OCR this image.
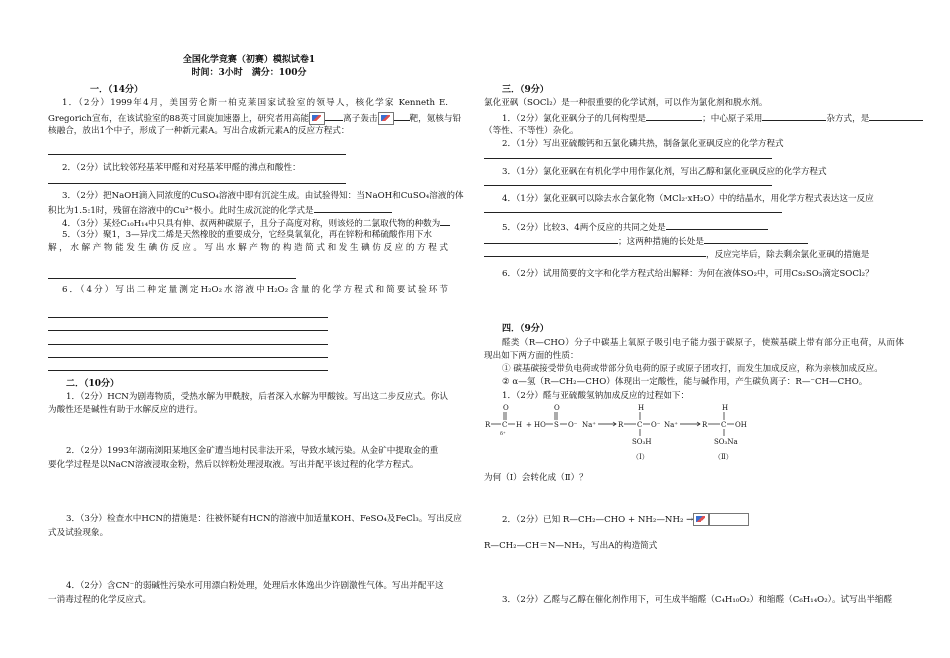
全国化学竞赛（初赛）模拟试卷1
时间：3小时　满分：100分
一．（14分）
1．（2分）1999年4月，美国劳仑斯一柏克莱国家试验室的领导人，核化学家 Kenneth E.
Gregorich宣布，在该试验室的88英寸回旋加速器上，研究者用高能	离子轰击	靶，氪核与铅
核融合，放出1个中子，形成了一种新元素A。写出合成新元素A的反应方程式：
2．（2分）试比较邻羟基苯甲醛和对羟基苯甲醛的沸点和酸性：
3．（2分）把NaOH滴入同浓度的CuSO₄溶液中即有沉淀生成。由试验得知：当NaOH和CuSO₄溶液的体
积比为1.5:1时，残留在溶液中的Cu²⁺极小。此时生成沉淀的化学式是
4．（3分）某烃C₁₀H₁₄中只具有伸、叔两种碳原子，且分子高度对称，则该烃的二氯取代物的种数为
5．（3分）聚1，3—异戊二烯是天然橡胶的重要成分，它经臭氧氧化，再在锌粉和稀硫酸作用下水
解，水解产物能发生碘仿反应。写出水解产物的构造简式和发生碘仿反应的方程式
6．（4分）写出二种定量测定H₂O₂水溶液中H₂O₂含量的化学方程式和简要试验环节
二．（10分）
1．（2分）HCN为剧毒物质，受热水解为甲酰胺，后者深入水解为甲酸铵。写出这二步反应式。你认
为酸性还是碱性有助于水解反应的进行。
2．（2分）1993年湖南浏阳某地区金矿遭当地村民非法开采，导致水域污染。从金矿中提取金的重
要化学过程是以NaCN溶液浸取金粉，然后以锌粉处理浸取液。写出并配平该过程的化学方程式。
3．（3分）检查水中HCN的措施是：往被怀疑有HCN的溶液中加适量KOH、FeSO₄及FeCl₃。写出反应
式及试验现象。
4．（2分）含CN⁻的弱碱性污染水可用漂白粉处理，处理后水体逸出少许剧激性气体。写出并配平这
一消毒过程的化学反应式。
三．（9分）
氯化亚砜（SOCl₂）是一种很重要的化学试剂，可以作为氯化剂和脱水剂。
1．（2分）氯化亚砜分子的几何构型是	；中心原子采用	杂方式，是
（等性、不等性）杂化。
2．（1分）写出亚硫酸钙和五氯化磷共热，制备氯化亚砜反应的化学方程式
3．（1分）氯化亚砜在有机化学中用作氯化剂，写出乙醇和氯化亚砜反应的化学方程式
4．（1分）氯化亚砜可以除去水合氯化物（MCl₂·xH₂O）中的结晶水，用化学方程式表达这一反应
5．（2分）比较3、4两个反应的共同之处是
；这两种措施的长处是
，反应完毕后，除去剩余氯化亚砜的措施是
6．（2分）试用简要的文字和化学方程式给出解释：为何在液体SO₂中，可用Cs₂SO₃滴定SOCl₂？
四．（9分）
醛类（R—CHO）分子中碳基上氧原子吸引电子能力强于碳原子，使羰基碳上带有部分正电荷，从而体
现出如下两方面的性质：
① 碳基碳接受带负电荷或带部分负电荷的原子或原子团攻打，而发生加成反应，称为亲核加成反应。
② α—氢（R—CH₂—CHO）体现出一定酸性，能与碱作用，产生碳负离子：R—⁻CH—CHO。
1．（2分）醛与亚硫酸氢钠加成反应的过程如下：
O
R C H
δ⁺
+ HO S
O
O⁻ Na⁺
H
R C O⁻ Na⁺
SO₃H
H
R C OH
SO₃Na
（Ⅰ）	（Ⅱ）
为何（Ⅰ）会转化成（Ⅱ）？
2．（2分）已知 R—CH₂—CHO + NH₂—NH₂ →
R—CH₂—CH＝N—NH₂，写出A的构造简式
3．（2分）乙醛与乙醇在催化剂作用下，可生成半缩醛（C₄H₁₀O₂）和缩醛（C₆H₁₄O₂）。试写出半缩醛
